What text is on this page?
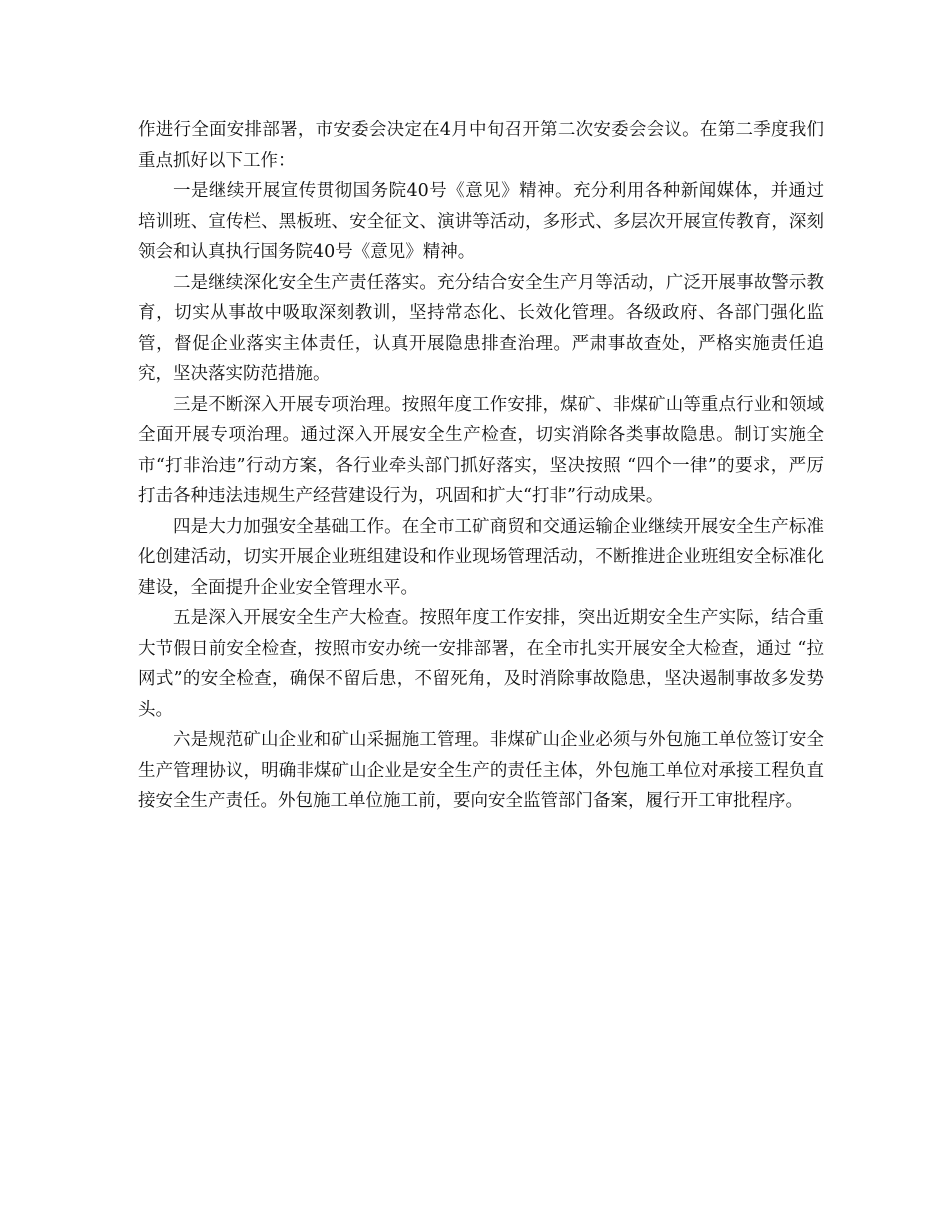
作进行全面安排部署，市安委会决定在4月中旬召开第二次安委会会议。在第二季度我们重点抓好以下工作：

一是继续开展宣传贯彻国务院40号《意见》精神。充分利用各种新闻媒体，并通过培训班、宣传栏、黑板班、安全征文、演讲等活动，多形式、多层次开展宣传教育，深刻领会和认真执行国务院40号《意见》精神。

二是继续深化安全生产责任落实。充分结合安全生产月等活动，广泛开展事故警示教育，切实从事故中吸取深刻教训，坚持常态化、长效化管理。各级政府、各部门强化监管，督促企业落实主体责任，认真开展隐患排查治理。严肃事故查处，严格实施责任追究，坚决落实防范措施。

三是不断深入开展专项治理。按照年度工作安排，煤矿、非煤矿山等重点行业和领域全面开展专项治理。通过深入开展安全生产检查，切实消除各类事故隐患。制订实施全市“打非治违”行动方案，各行业牵头部门抓好落实，坚决按照 “四个一律”的要求，严厉打击各种违法违规生产经营建设行为，巩固和扩大“打非”行动成果。

四是大力加强安全基础工作。在全市工矿商贸和交通运输企业继续开展安全生产标准化创建活动，切实开展企业班组建设和作业现场管理活动，不断推进企业班组安全标准化建设，全面提升企业安全管理水平。

五是深入开展安全生产大检查。按照年度工作安排，突出近期安全生产实际，结合重大节假日前安全检查，按照市安办统一安排部署，在全市扎实开展安全大检查，通过 “拉网式”的安全检查，确保不留后患，不留死角，及时消除事故隐患，坚决遏制事故多发势头。

六是规范矿山企业和矿山采掘施工管理。非煤矿山企业必须与外包施工单位签订安全生产管理协议，明确非煤矿山企业是安全生产的责任主体，外包施工单位对承接工程负直接安全生产责任。外包施工单位施工前，要向安全监管部门备案，履行开工审批程序。
